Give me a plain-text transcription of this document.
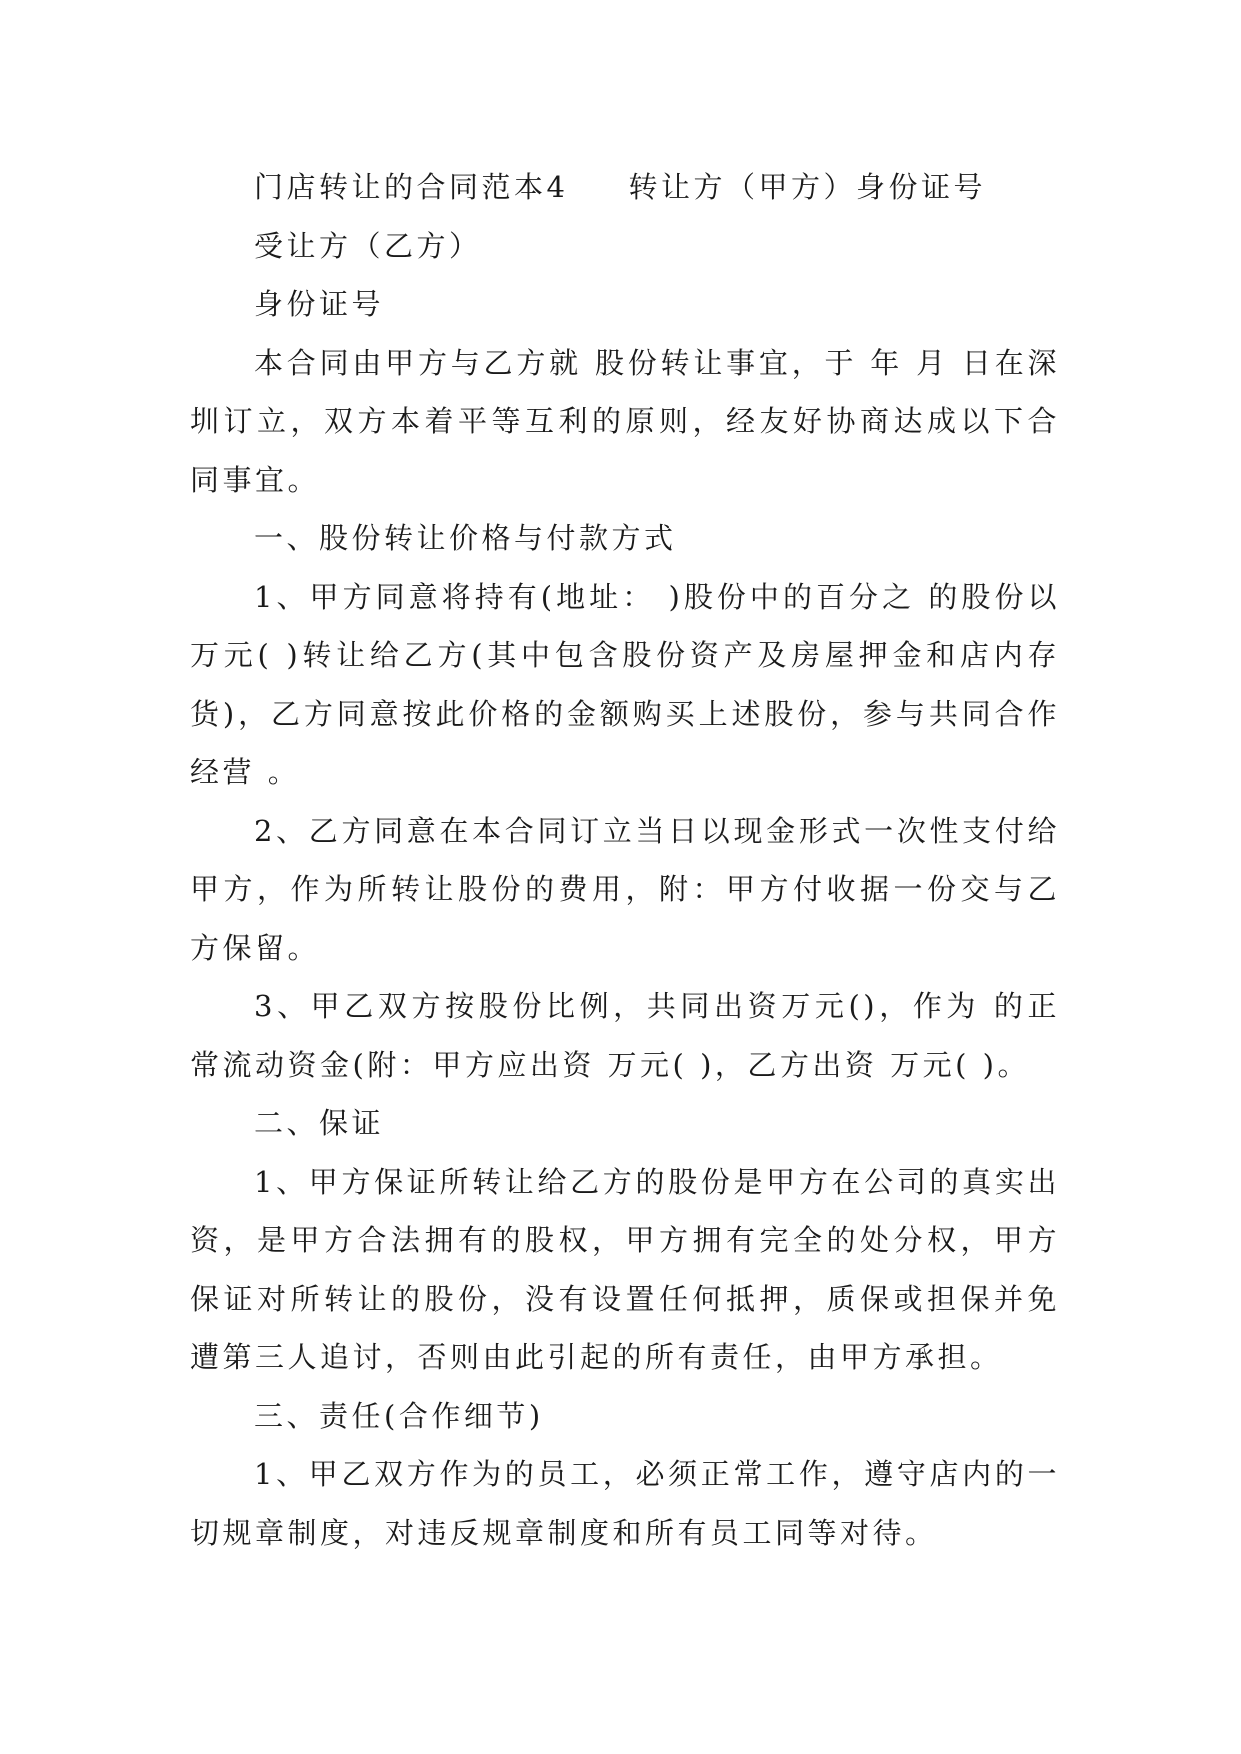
门店转让的合同范本4 转让方（甲方）身份证号

受让方（乙方）

身份证号

本合同由甲方与乙方就 股份转让事宜，于 年 月 日在深圳订立，双方本着平等互利的原则，经友好协商达成以下合同事宜。

一、股份转让价格与付款方式

1、甲方同意将持有(地址： )股份中的百分之 的股份以 万元( )转让给乙方(其中包含股份资产及房屋押金和店内存货)，乙方同意按此价格的金额购买上述股份，参与共同合作经营 。

2、乙方同意在本合同订立当日以现金形式一次性支付给甲方，作为所转让股份的费用，附：甲方付收据一份交与乙方保留。

3、甲乙双方按股份比例，共同出资万元()，作为 的正常流动资金(附：甲方应出资 万元( )，乙方出资 万元( )。

二、保证

1、甲方保证所转让给乙方的股份是甲方在公司的真实出资，是甲方合法拥有的股权，甲方拥有完全的处分权，甲方保证对所转让的股份，没有设置任何抵押，质保或担保并免遭第三人追讨，否则由此引起的所有责任，由甲方承担。

三、责任(合作细节)

1、甲乙双方作为的员工，必须正常工作，遵守店内的一切规章制度，对违反规章制度和所有员工同等对待。
